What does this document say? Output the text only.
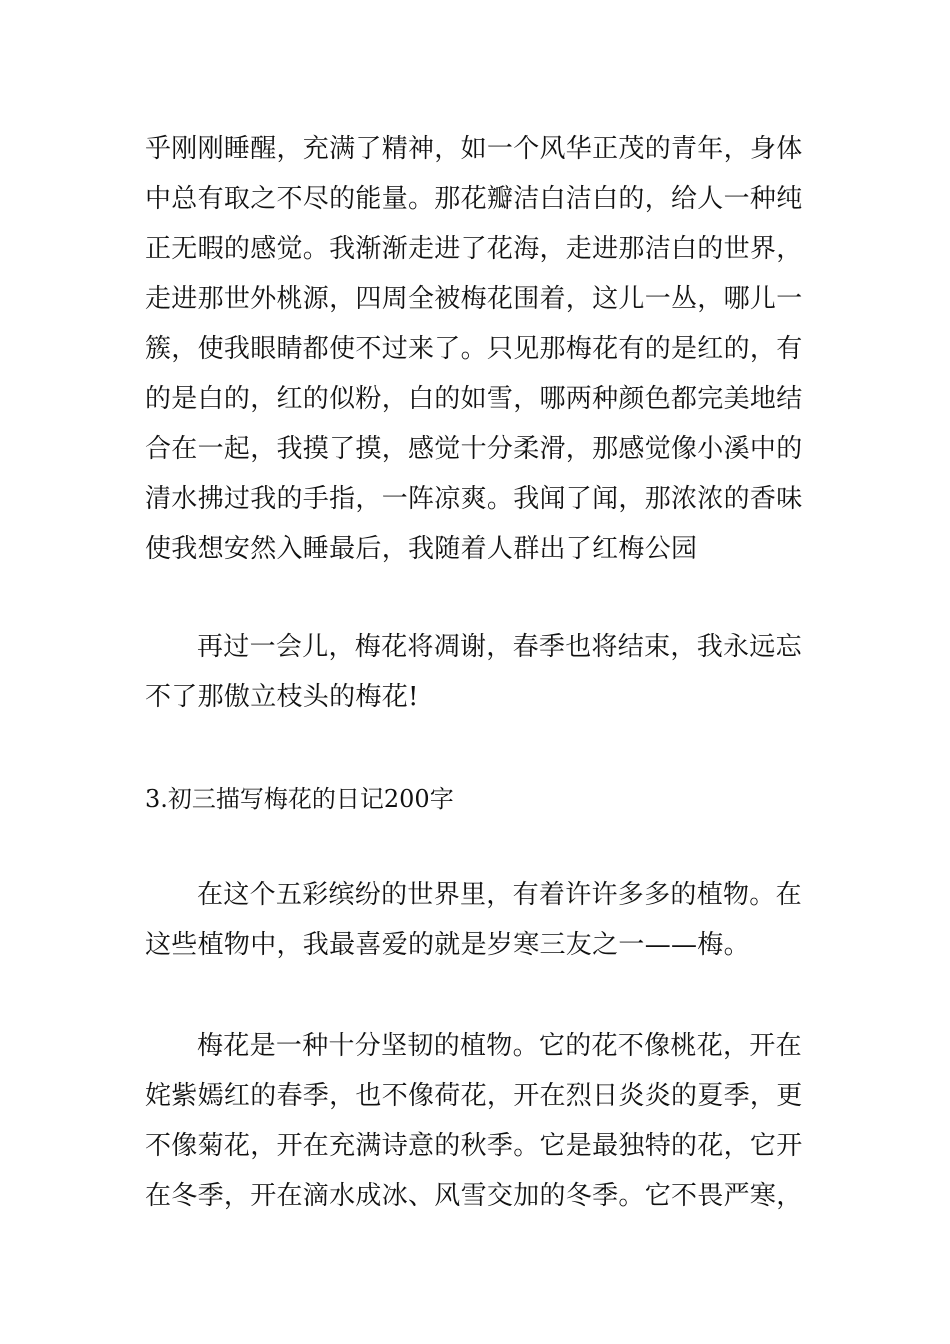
乎刚刚睡醒，充满了精神，如一个风华正茂的青年，身体
中总有取之不尽的能量。那花瓣洁白洁白的，给人一种纯
正无暇的感觉。我渐渐走进了花海，走进那洁白的世界，
走进那世外桃源，四周全被梅花围着，这儿一丛，哪儿一
簇，使我眼睛都使不过来了。只见那梅花有的是红的，有
的是白的，红的似粉，白的如雪，哪两种颜色都完美地结
合在一起，我摸了摸，感觉十分柔滑，那感觉像小溪中的
清水拂过我的手指，一阵凉爽。我闻了闻，那浓浓的香味
使我想安然入睡最后，我随着人群出了红梅公园
再过一会儿，梅花将凋谢，春季也将结束，我永远忘
不了那傲立枝头的梅花!
3.初三描写梅花的日记200字
在这个五彩缤纷的世界里，有着许许多多的植物。在
这些植物中，我最喜爱的就是岁寒三友之一——梅。
梅花是一种十分坚韧的植物。它的花不像桃花，开在
姹紫嫣红的春季，也不像荷花，开在烈日炎炎的夏季，更
不像菊花，开在充满诗意的秋季。它是最独特的花，它开
在冬季，开在滴水成冰、风雪交加的冬季。它不畏严寒，
